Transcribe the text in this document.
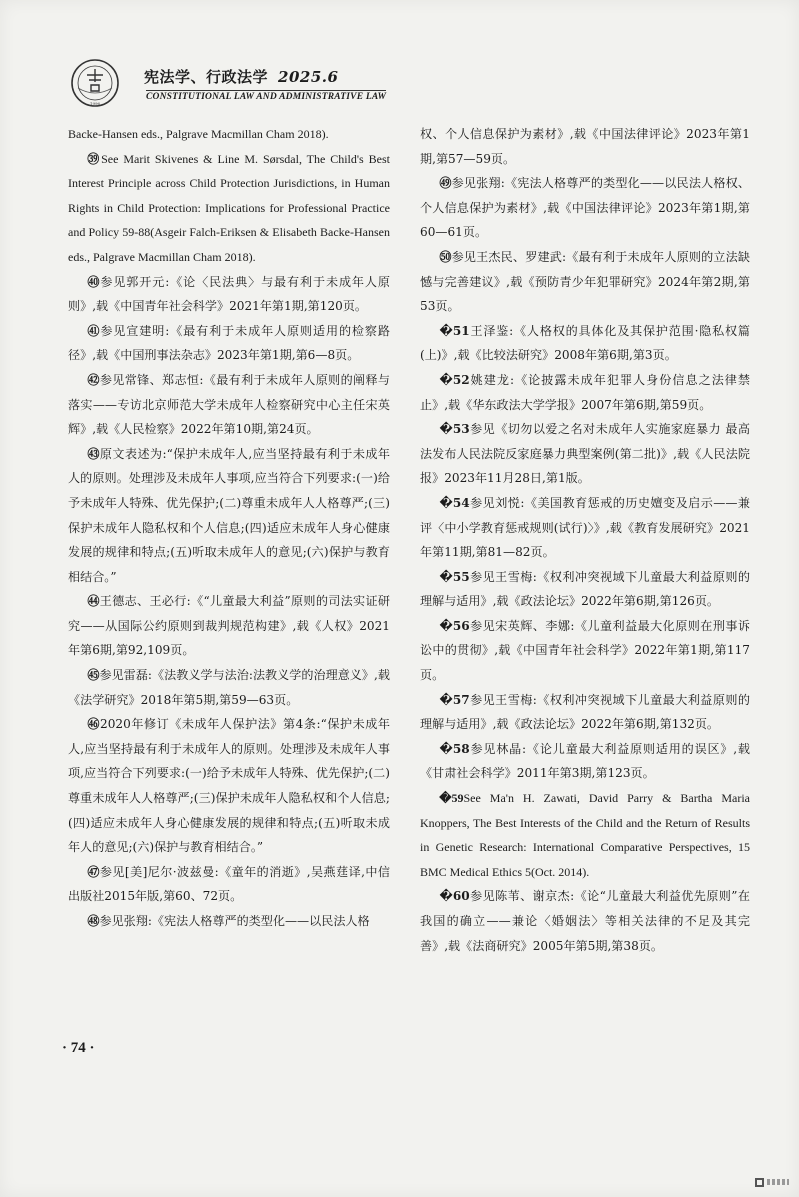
1996
宪法学、行政法学 2025.6
CONSTITUTIONAL LAW AND ADMINISTRATIVE LAW

Backe-Hansen eds., Palgrave Macmillan Cham 2018).

㊴See Marit Skivenes & Line M. Sørsdal, The Child's Best Interest Principle across Child Protection Jurisdictions, in Human Rights in Child Protection: Implications for Professional Practice and Policy 59-88(Asgeir Falch-Eriksen & Elisabeth Backe-Hansen eds., Palgrave Macmillan Cham 2018).

㊵参见郭开元:《论〈民法典〉与最有利于未成年人原则》,载《中国青年社会科学》2021年第1期,第120页。

㊶参见宣建明:《最有利于未成年人原则适用的检察路径》,载《中国刑事法杂志》2023年第1期,第6—8页。

㊷参见常锋、郑志恒:《最有利于未成年人原则的阐释与落实——专访北京师范大学未成年人检察研究中心主任宋英辉》,载《人民检察》2022年第10期,第24页。

㊸原文表述为:“保护未成年人,应当坚持最有利于未成年人的原则。处理涉及未成年人事项,应当符合下列要求:(一)给予未成年人特殊、优先保护;(二)尊重未成年人人格尊严;(三)保护未成年人隐私权和个人信息;(四)适应未成年人身心健康发展的规律和特点;(五)听取未成年人的意见;(六)保护与教育相结合。”

㊹王德志、王必行:《“儿童最大利益”原则的司法实证研究——从国际公约原则到裁判规范构建》,载《人权》2021年第6期,第92,109页。

㊺参见雷磊:《法教义学与法治:法教义学的治理意义》,载《法学研究》2018年第5期,第59—63页。

㊻2020年修订《未成年人保护法》第4条:“保护未成年人,应当坚持最有利于未成年人的原则。处理涉及未成年人事项,应当符合下列要求:(一)给予未成年人特殊、优先保护;(二)尊重未成年人人格尊严;(三)保护未成年人隐私权和个人信息;(四)适应未成年人身心健康发展的规律和特点;(五)听取未成年人的意见;(六)保护与教育相结合。”

㊼参见[美]尼尔·波兹曼:《童年的消逝》,吴燕莛译,中信出版社2015年版,第60、72页。

㊽参见张翔:《宪法人格尊严的类型化——以民法人格

权、个人信息保护为素材》,载《中国法律评论》2023年第1期,第57—59页。

㊾参见张翔:《宪法人格尊严的类型化——以民法人格权、个人信息保护为素材》,载《中国法律评论》2023年第1期,第60—61页。

㊿参见王杰民、罗建武:《最有利于未成年人原则的立法缺憾与完善建议》,载《预防青少年犯罪研究》2024年第2期,第53页。

�51王泽鉴:《人格权的具体化及其保护范围·隐私权篇(上)》,载《比较法研究》2008年第6期,第3页。

�52姚建龙:《论披露未成年犯罪人身份信息之法律禁止》,载《华东政法大学学报》2007年第6期,第59页。

�53参见《切勿以爱之名对未成年人实施家庭暴力 最高法发布人民法院反家庭暴力典型案例(第二批)》,载《人民法院报》2023年11月28日,第1版。

�54参见刘悦:《美国教育惩戒的历史嬗变及启示——兼评〈中小学教育惩戒规则(试行)〉》,载《教育发展研究》2021年第11期,第81—82页。

�55参见王雪梅:《权利冲突视域下儿童最大利益原则的理解与适用》,载《政法论坛》2022年第6期,第126页。

�56参见宋英辉、李娜:《儿童利益最大化原则在刑事诉讼中的贯彻》,载《中国青年社会科学》2022年第1期,第117页。

�57参见王雪梅:《权利冲突视域下儿童最大利益原则的理解与适用》,载《政法论坛》2022年第6期,第132页。

�58参见林晶:《论儿童最大利益原则适用的误区》,载《甘肃社会科学》2011年第3期,第123页。

�59See Ma'n H. Zawati, David Parry & Bartha Maria Knoppers, The Best Interests of the Child and the Return of Results in Genetic Research: International Comparative Perspectives, 15 BMC Medical Ethics 5(Oct. 2014).

�60参见陈苇、谢京杰:《论“儿童最大利益优先原则”在我国的确立——兼论〈婚姻法〉等相关法律的不足及其完善》,载《法商研究》2005年第5期,第38页。

· 74 ·
